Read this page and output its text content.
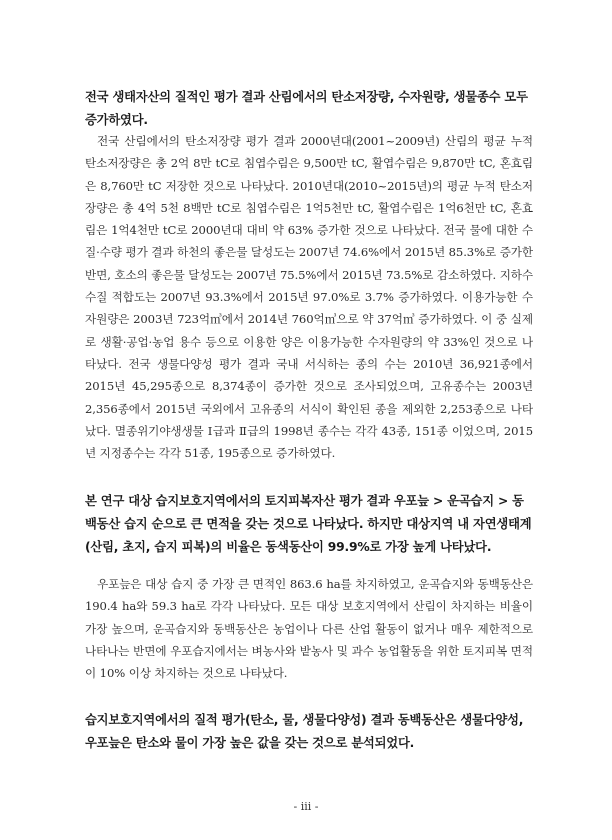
전국 생태자산의 질적인 평가 결과 산림에서의 탄소저장량, 수자원량, 생물종수 모두 증가하였다.
전국 산림에서의 탄소저장량 평가 결과 2000년대(2001~2009년) 산림의 평균 누적 탄소저장량은 총 2억 8만 tC로 침엽수림은 9,500만 tC, 활엽수림은 9,870만 tC, 혼효림은 8,760만 tC 저장한 것으로 나타났다. 2010년대(2010~2015년)의 평균 누적 탄소저장량은 총 4억 5천 8백만 tC로 침엽수림은 1억5천만 tC, 활엽수림은 1억6천만 tC, 혼효림은 1억4천만 tC로 2000년대 대비 약 63% 증가한 것으로 나타났다. 전국 물에 대한 수질·수량 평가 결과 하천의 좋은물 달성도는 2007년 74.6%에서 2015년 85.3%로 증가한 반면, 호소의 좋은물 달성도는 2007년 75.5%에서 2015년 73.5%로 감소하였다. 지하수 수질 적합도는 2007년 93.3%에서 2015년 97.0%로 3.7% 증가하였다. 이용가능한 수자원량은 2003년 723억㎥에서 2014년 760억㎥으로 약 37억㎥ 증가하였다. 이 중 실제로 생활·공업·농업 용수 등으로 이용한 양은 이용가능한 수자원량의 약 33%인 것으로 나타났다. 전국 생물다양성 평가 결과 국내 서식하는 종의 수는 2010년 36,921종에서 2015년 45,295종으로 8,374종이 증가한 것으로 조사되었으며, 고유종수는 2003년 2,356종에서 2015년 국외에서 고유종의 서식이 확인된 종을 제외한 2,253종으로 나타났다. 멸종위기야생생물 Ⅰ급과 Ⅱ급의 1998년 종수는 각각 43종, 151종 이었으며, 2015년 지정종수는 각각 51종, 195종으로 증가하였다.
본 연구 대상 습지보호지역에서의 토지피복자산 평가 결과 우포늪 > 운곡습지 > 동백동산 습지 순으로 큰 면적을 갖는 것으로 나타났다. 하지만 대상지역 내 자연생태계(산림, 초지, 습지 피복)의 비율은 동색동산이 99.9%로 가장 높게 나타났다.
우포늪은 대상 습지 중 가장 큰 면적인 863.6 ha를 차지하였고, 운곡습지와 동백동산은 190.4 ha와 59.3 ha로 각각 나타났다. 모든 대상 보호지역에서 산림이 차지하는 비율이 가장 높으며, 운곡습지와 동백동산은 농업이나 다른 산업 활동이 없거나 매우 제한적으로 나타나는 반면에 우포습지에서는 벼농사와 밭농사 및 과수 농업활동을 위한 토지피복 면적이 10% 이상 차지하는 것으로 나타났다.
습지보호지역에서의 질적 평가(탄소, 물, 생물다양성) 결과 동백동산은 생물다양성, 우포늪은 탄소와 물이 가장 높은 값을 갖는 것으로 분석되었다.
- iii -
